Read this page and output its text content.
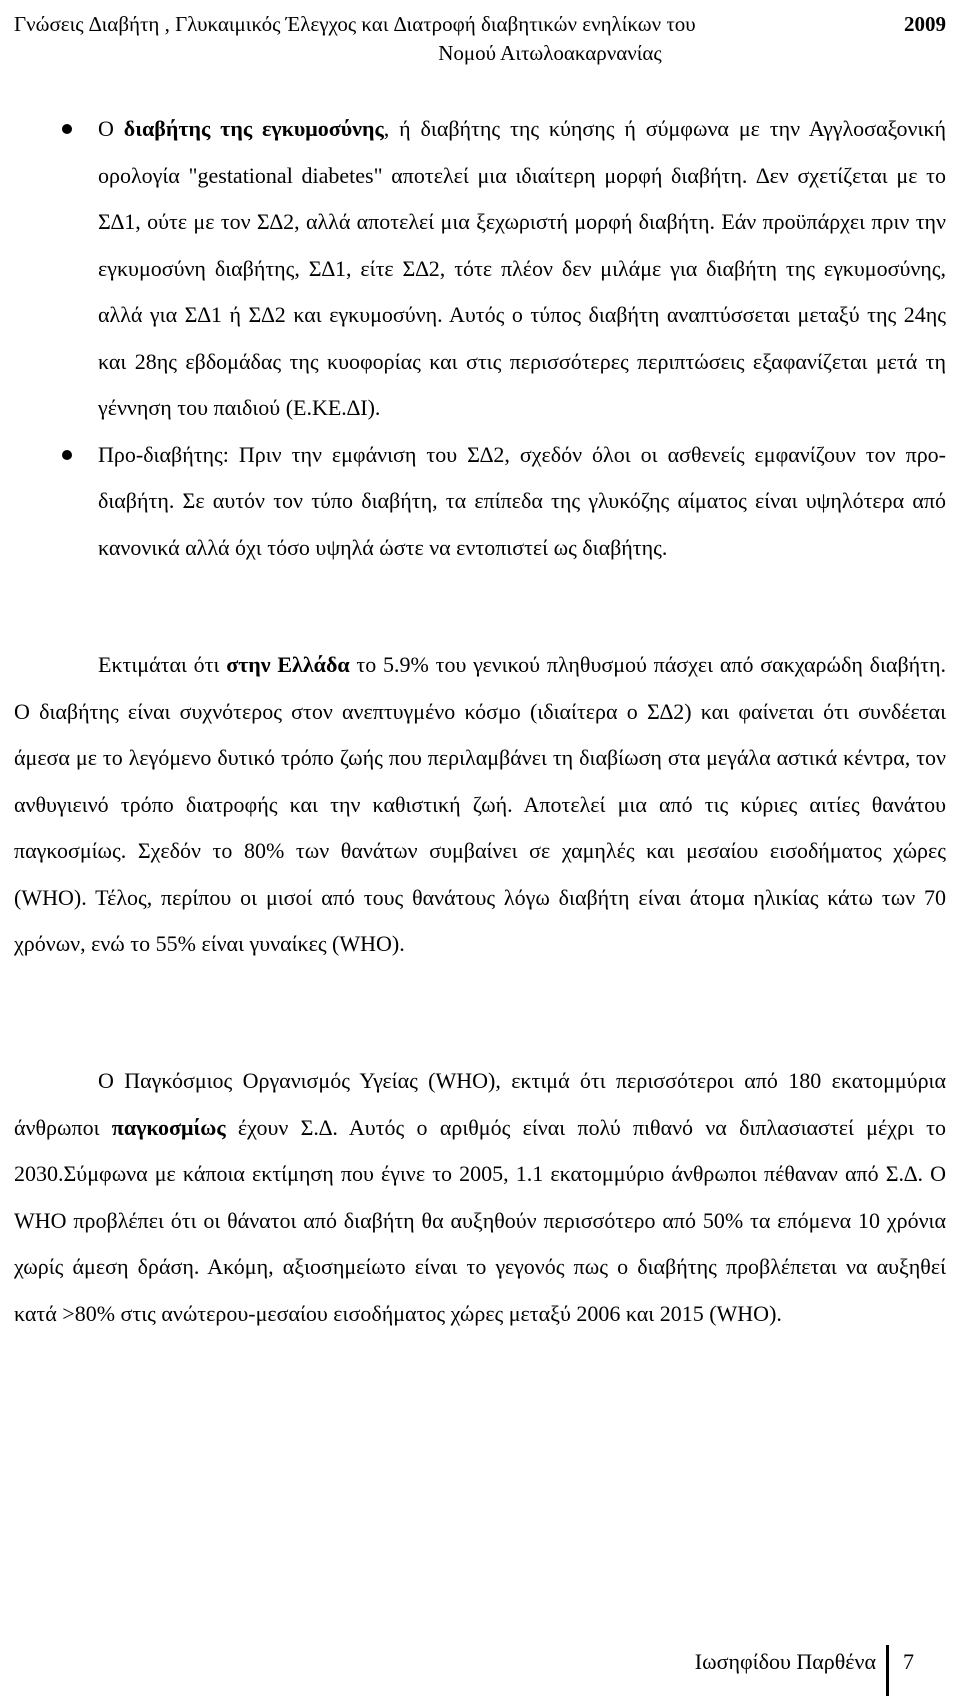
Γνώσεις ∆ιαβήτη , Γλυκαιμικός Έλεγχος και ∆ιατροφή διαβητικών ενηλίκων του	2009
Νομού Αιτωλοακαρνανίας
Ο διαβήτης της εγκυμοσύνης, ή διαβήτης της κύησης ή σύμφωνα με την Αγγλοσαξονική ορολογία "gestational diabetes" αποτελεί μια ιδιαίτερη μορφή διαβήτη. ∆εν σχετίζεται με το Σ∆1, ούτε με τον Σ∆2, αλλά αποτελεί μια ξεχωριστή μορφή διαβήτη. Εάν προϋπάρχει πριν την εγκυμοσύνη διαβήτης, Σ∆1, είτε Σ∆2, τότε πλέον δεν μιλάμε για διαβήτη της εγκυμοσύνης, αλλά για Σ∆1 ή Σ∆2 και εγκυμοσύνη. Αυτός ο τύπος διαβήτη αναπτύσσεται μεταξύ της 24ης και 28ης εβδομάδας της κυοφορίας και στις περισσότερες περιπτώσεις εξαφανίζεται μετά τη γέννηση του παιδιού (Ε.ΚΕ.∆Ι).
Προ-διαβήτης: Πριν την εμφάνιση του Σ∆2, σχεδόν όλοι οι ασθενείς εμφανίζουν τον προ-διαβήτη. Σε αυτόν τον τύπο διαβήτη, τα επίπεδα της γλυκόζης αίματος είναι υψηλότερα από κανονικά αλλά όχι τόσο υψηλά ώστε να εντοπιστεί ως διαβήτης.

Εκτιμάται ότι στην Ελλάδα το 5.9% του γενικού πληθυσμού πάσχει από σακχαρώδη διαβήτη. Ο διαβήτης είναι συχνότερος στον ανεπτυγμένο κόσμο (ιδιαίτερα ο Σ∆2) και φαίνεται ότι συνδέεται άμεσα με το λεγόμενο δυτικό τρόπο ζωής που περιλαμβάνει τη διαβίωση στα μεγάλα αστικά κέντρα, τον ανθυγιεινό τρόπο διατροφής και την καθιστική ζωή. Αποτελεί μια από τις κύριες αιτίες θανάτου παγκοσμίως. Σχεδόν το 80% των θανάτων συμβαίνει σε χαμηλές και μεσαίου εισοδήματος χώρες (WHO). Τέλος, περίπου οι μισοί από τους θανάτους λόγω διαβήτη είναι άτομα ηλικίας κάτω των 70 χρόνων, ενώ το 55% είναι γυναίκες (WHO).

Ο Παγκόσμιος Οργανισμός Υγείας (WHO), εκτιμά ότι περισσότεροι από 180 εκατομμύρια άνθρωποι παγκοσμίως έχουν Σ.∆. Αυτός ο αριθμός είναι πολύ πιθανό να διπλασιαστεί μέχρι το 2030.Σύμφωνα με κάποια εκτίμηση που έγινε το 2005, 1.1 εκατομμύριο άνθρωποι πέθαναν από Σ.∆. Ο WHO προβλέπει ότι οι θάνατοι από διαβήτη θα αυξηθούν περισσότερο από 50% τα επόμενα 10 χρόνια χωρίς άμεση δράση. Ακόμη, αξιοσημείωτο είναι το γεγονός πως ο διαβήτης προβλέπεται να αυξηθεί κατά >80% στις ανώτερου-μεσαίου εισοδήματος χώρες μεταξύ 2006 και 2015 (WHO).

Ιωσηφίδου Παρθένα	7
